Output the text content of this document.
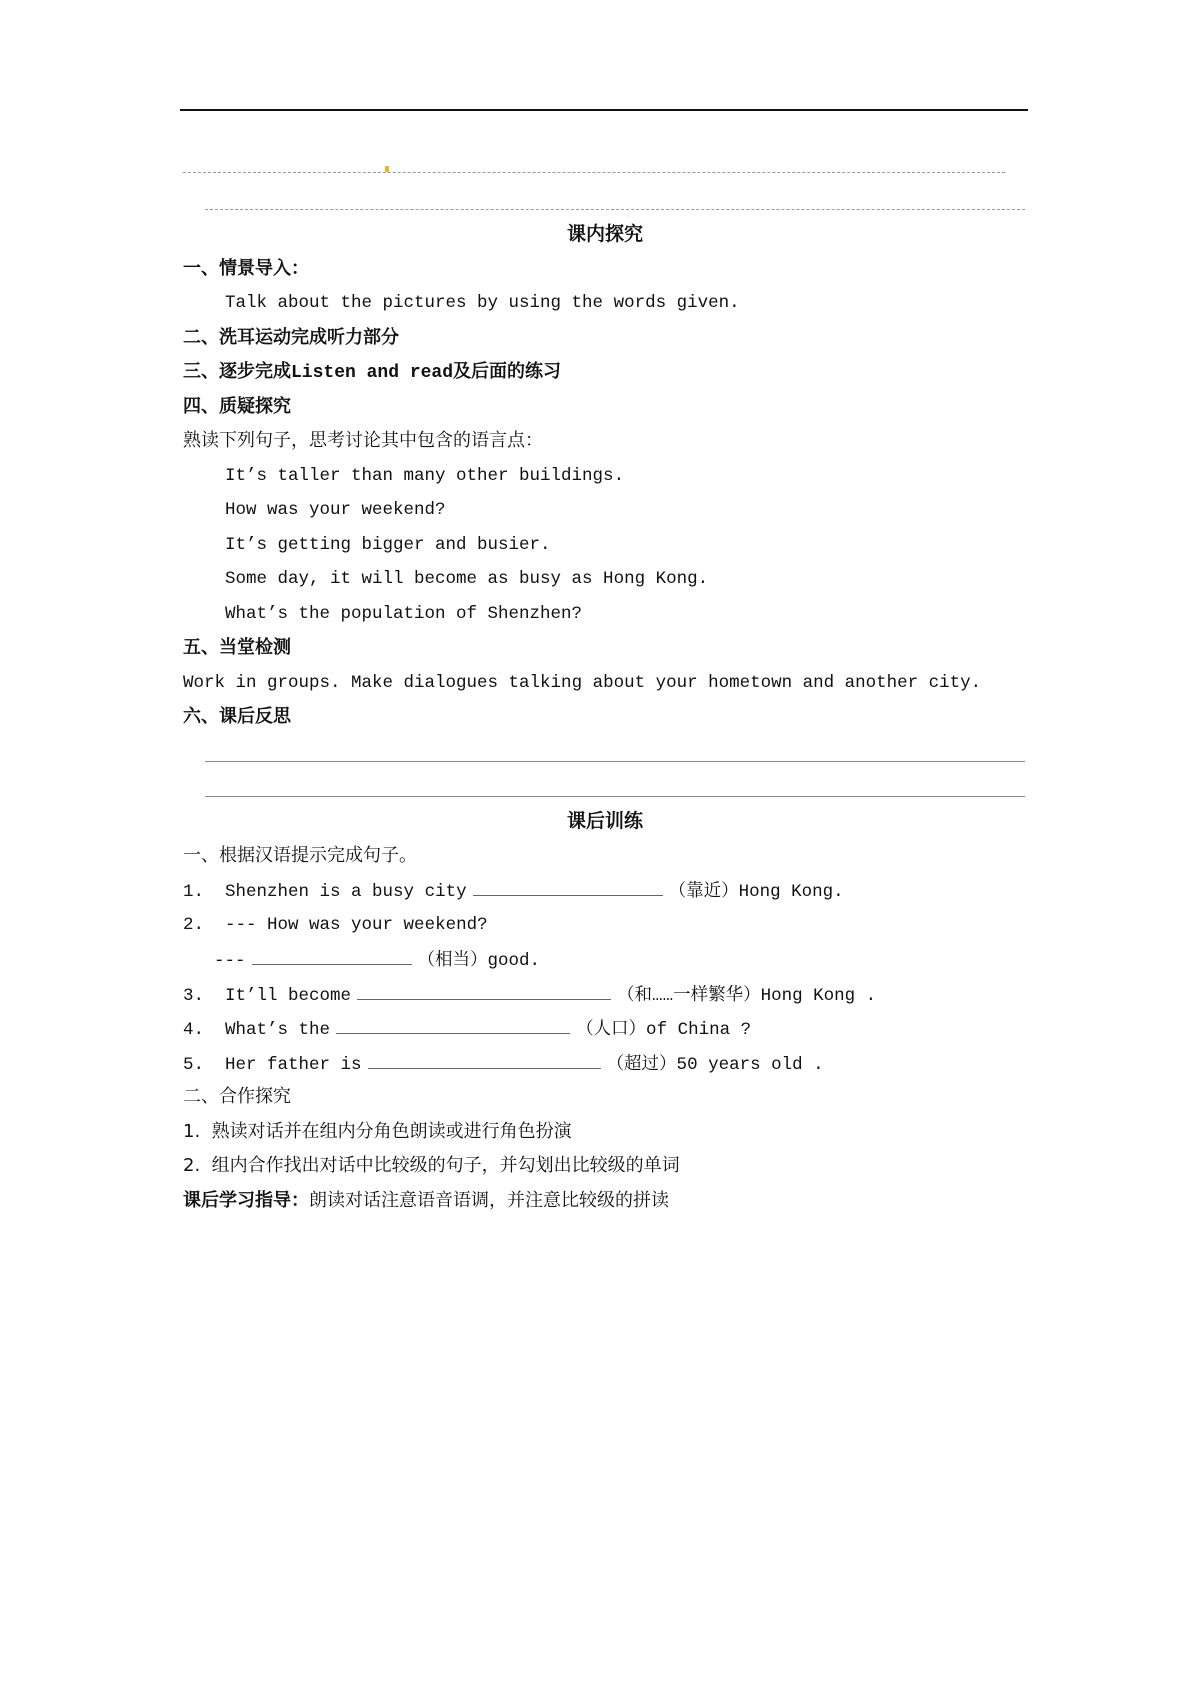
课内探究
一、情景导入：
Talk about the pictures by using the words given.
二、洗耳运动完成听力部分
三、逐步完成Listen and read及后面的练习
四、质疑探究
熟读下列句子，思考讨论其中包含的语言点：
It’s taller than many other buildings.
How was your weekend?
It’s getting bigger and busier.
Some day, it will become as busy as Hong Kong.
What’s the population of Shenzhen?
五、当堂检测
Work in groups. Make dialogues talking about your hometown and another city.
六、课后反思
课后训练
一、根据汉语提示完成句子。
1. Shenzhen is a busy city	（靠近）Hong Kong.
2. --- How was your weekend?
---	（相当）good.
3. It’ll become	（和……一样繁华）Hong Kong .
4. What’s the	（人口）of China ?
5. Her father is	（超过）50 years old .
二、合作探究
1.  熟读对话并在组内分角色朗读或进行角色扮演
2.  组内合作找出对话中比较级的句子，并勾划出比较级的单词
课后学习指导：朗读对话注意语音语调，并注意比较级的拼读
